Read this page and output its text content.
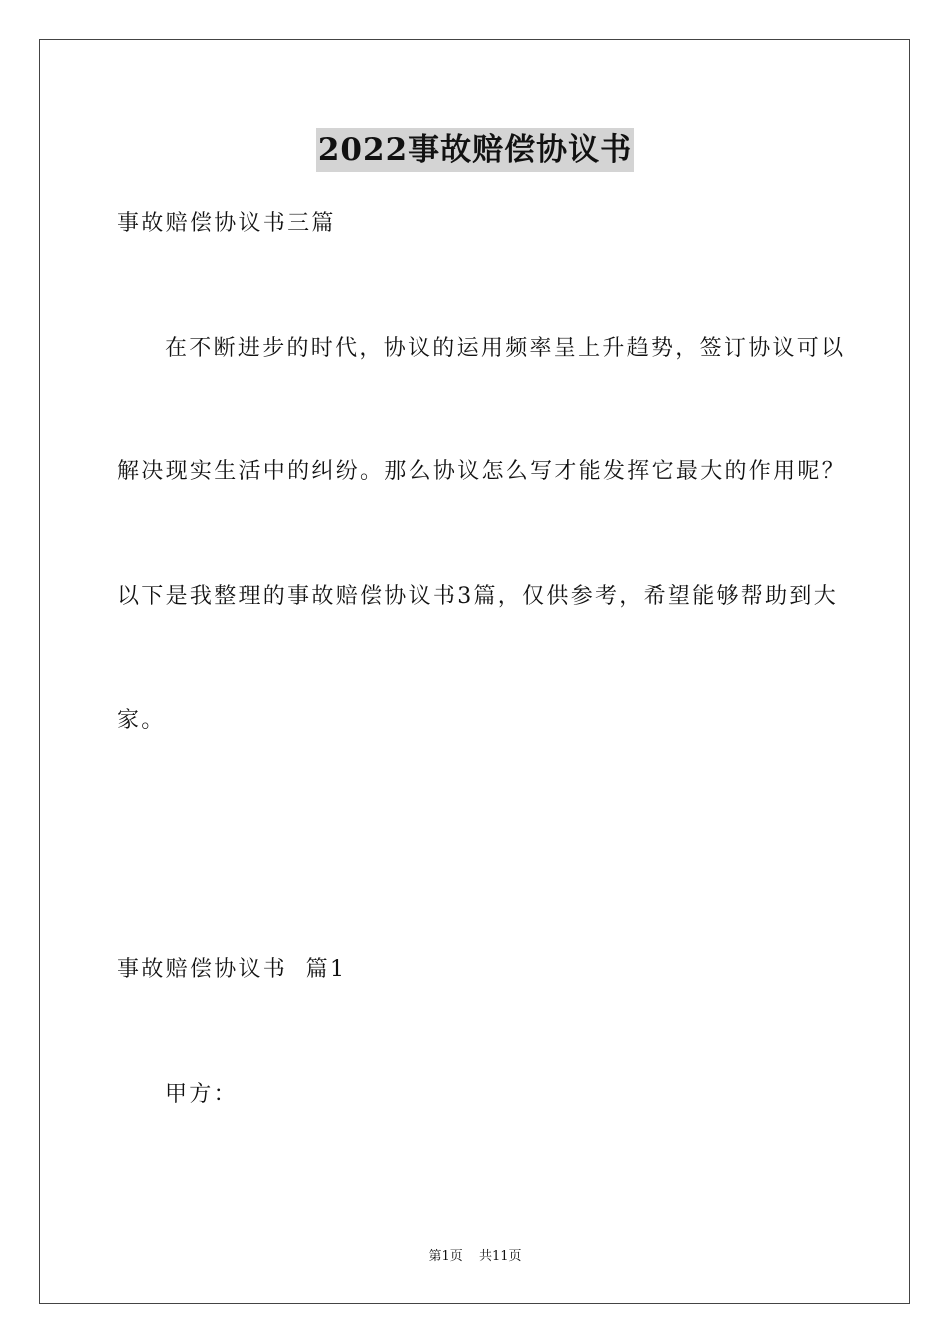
2022事故赔偿协议书
事故赔偿协议书三篇
在不断进步的时代，协议的运用频率呈上升趋势，签订协议可以
解决现实生活中的纠纷。那么协议怎么写才能发挥它最大的作用呢？
以下是我整理的事故赔偿协议书3篇，仅供参考，希望能够帮助到大
家。
事故赔偿协议书  篇1
甲方：
第1页 共11页
